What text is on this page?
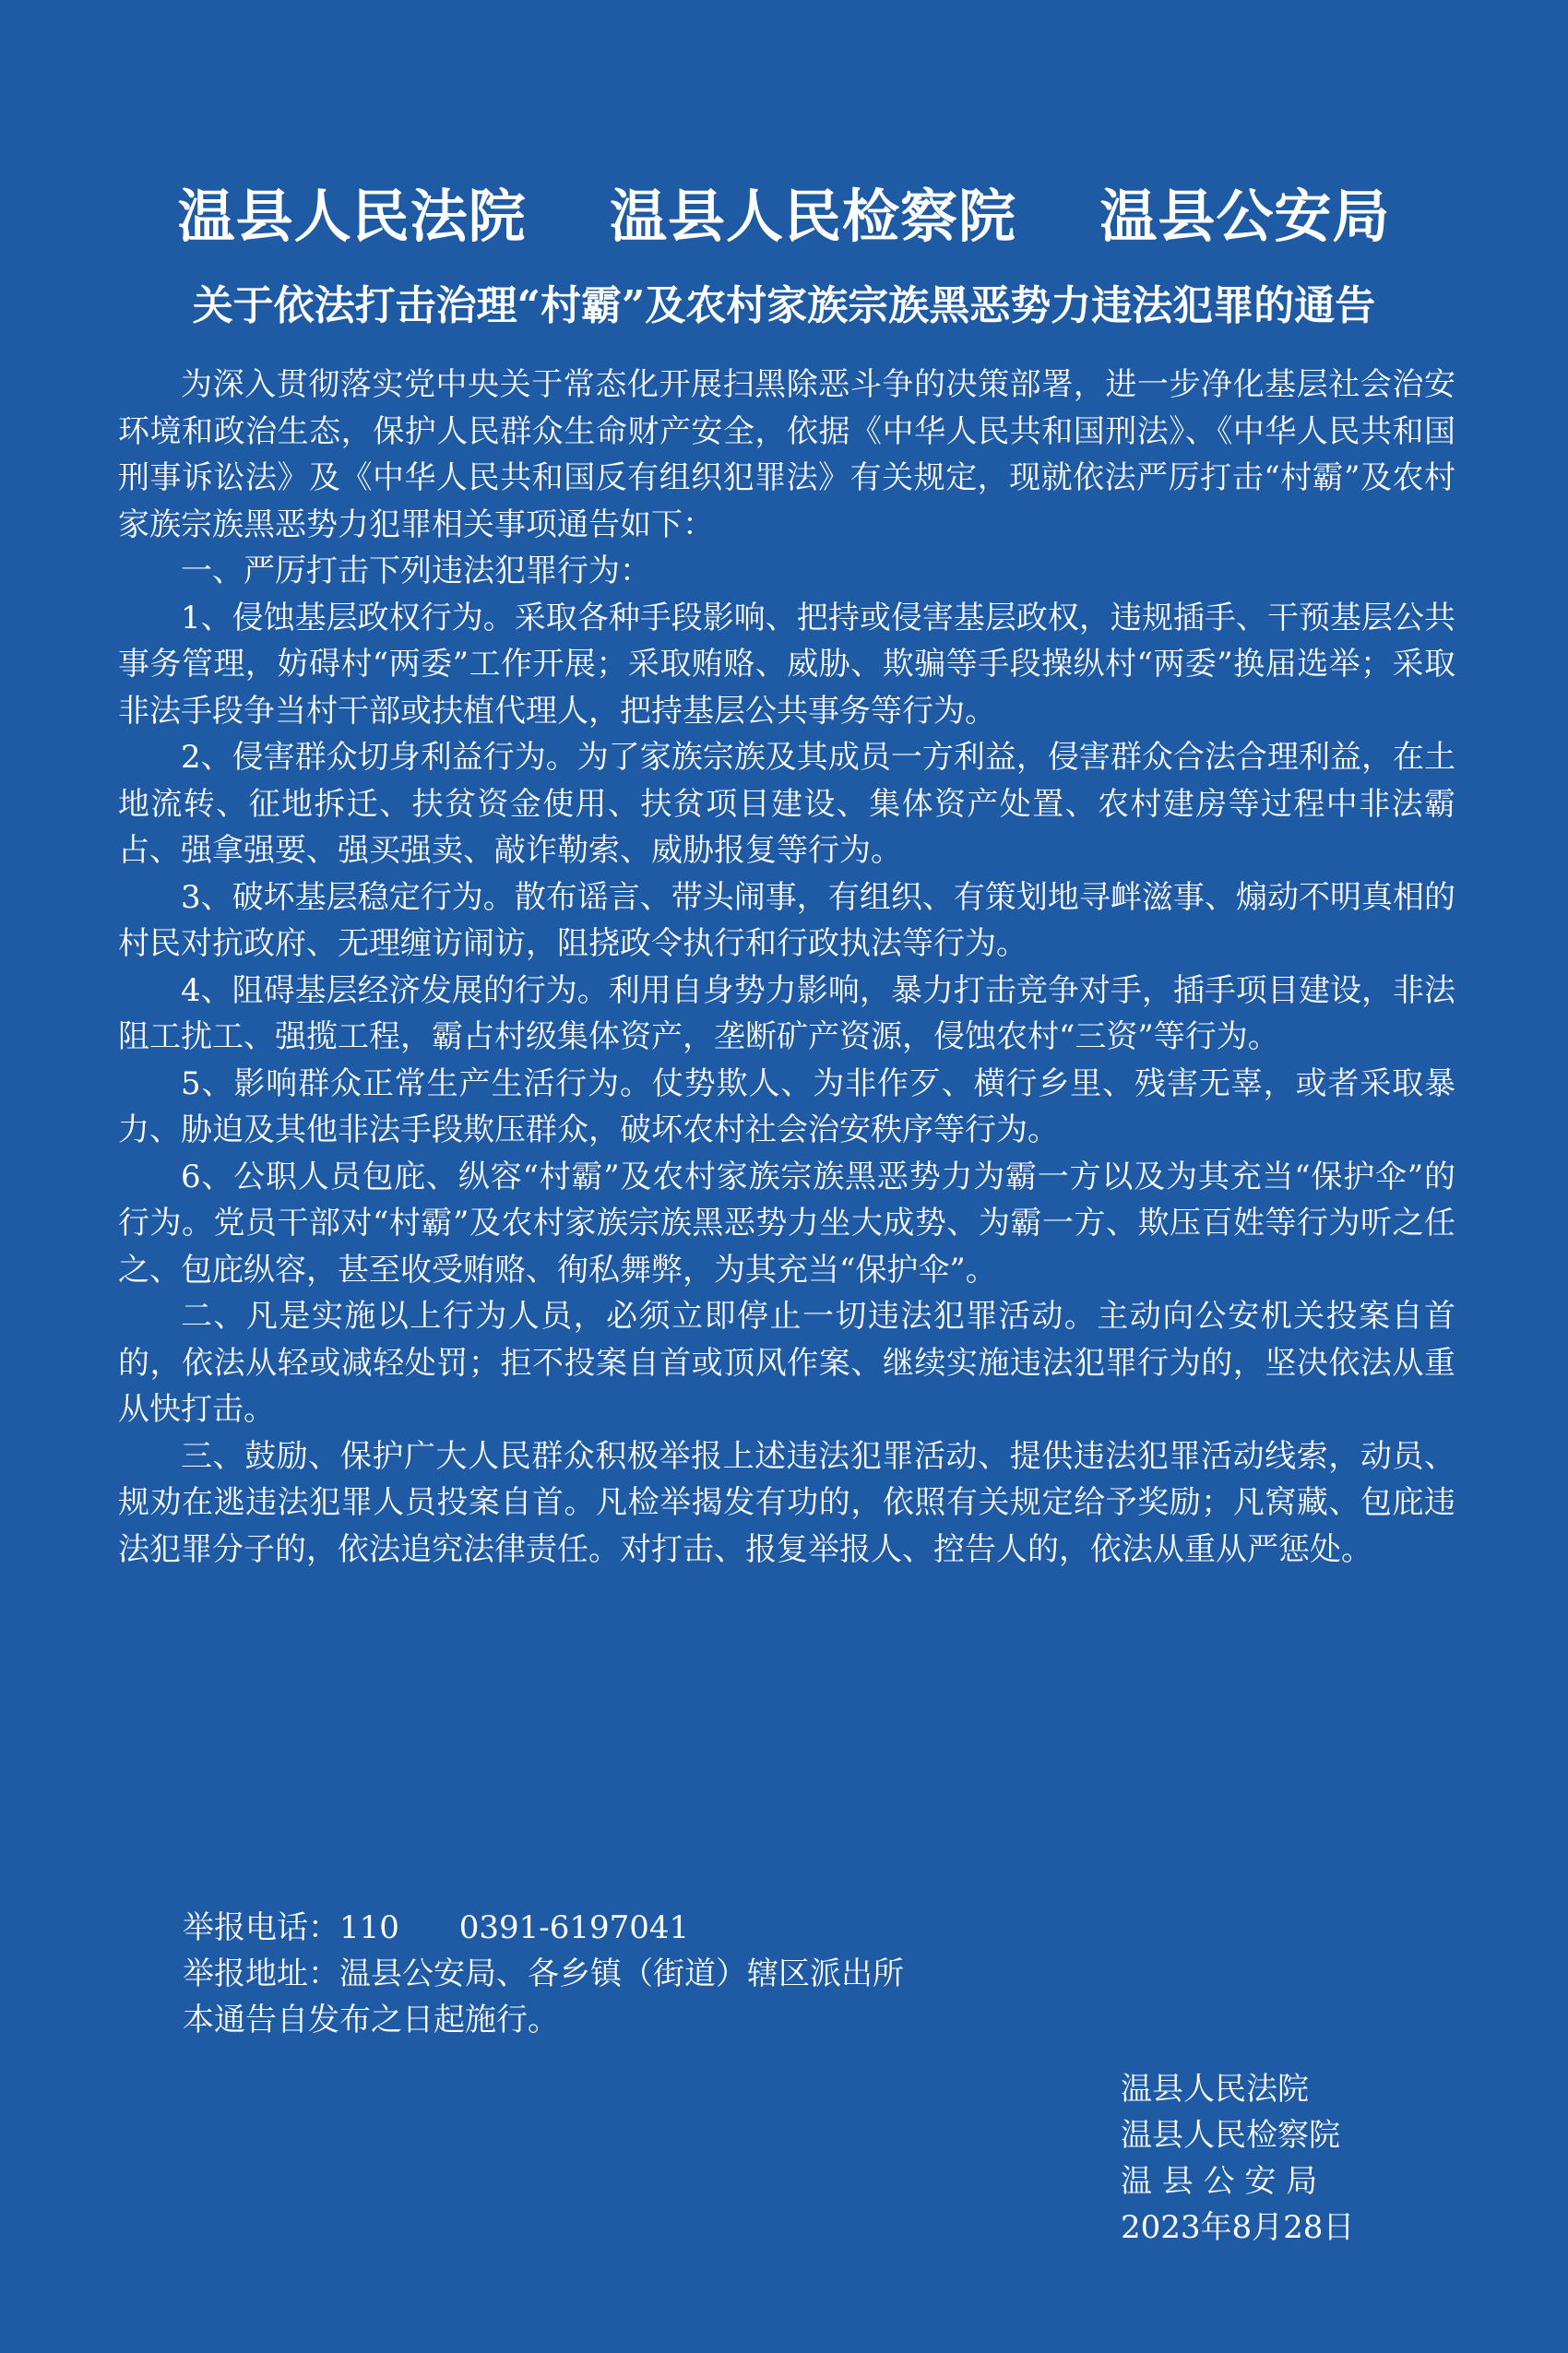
温县人民法院    温县人民检察院    温县公安局
关于依法打击治理“村霸”及农村家族宗族黑恶势力违法犯罪的通告

为深入贯彻落实党中央关于常态化开展扫黑除恶斗争的决策部署，进一步净化基层社会治安环境和政治生态，保护人民群众生命财产安全，依据《中华人民共和国刑法》、《中华人民共和国刑事诉讼法》及《中华人民共和国反有组织犯罪法》有关规定，现就依法严厉打击“村霸”及农村家族宗族黑恶势力犯罪相关事项通告如下：

一、严厉打击下列违法犯罪行为：

1、侵蚀基层政权行为。采取各种手段影响、把持或侵害基层政权，违规插手、干预基层公共事务管理，妨碍村“两委”工作开展；采取贿赂、威胁、欺骗等手段操纵村“两委”换届选举；采取非法手段争当村干部或扶植代理人，把持基层公共事务等行为。

2、侵害群众切身利益行为。为了家族宗族及其成员一方利益，侵害群众合法合理利益，在土地流转、征地拆迁、扶贫资金使用、扶贫项目建设、集体资产处置、农村建房等过程中非法霸占、强拿强要、强买强卖、敲诈勒索、威胁报复等行为。

3、破坏基层稳定行为。散布谣言、带头闹事，有组织、有策划地寻衅滋事、煽动不明真相的村民对抗政府、无理缠访闹访，阻挠政令执行和行政执法等行为。

4、阻碍基层经济发展的行为。利用自身势力影响，暴力打击竞争对手，插手项目建设，非法阻工扰工、强揽工程，霸占村级集体资产，垄断矿产资源，侵蚀农村“三资”等行为。

5、影响群众正常生产生活行为。仗势欺人、为非作歹、横行乡里、残害无辜，或者采取暴力、胁迫及其他非法手段欺压群众，破坏农村社会治安秩序等行为。

6、公职人员包庇、纵容“村霸”及农村家族宗族黑恶势力为霸一方以及为其充当“保护伞”的行为。党员干部对“村霸”及农村家族宗族黑恶势力坐大成势、为霸一方、欺压百姓等行为听之任之、包庇纵容，甚至收受贿赂、徇私舞弊，为其充当“保护伞”。

二、凡是实施以上行为人员，必须立即停止一切违法犯罪活动。主动向公安机关投案自首的，依法从轻或减轻处罚；拒不投案自首或顶风作案、继续实施违法犯罪行为的，坚决依法从重从快打击。

三、鼓励、保护广大人民群众积极举报上述违法犯罪活动、提供违法犯罪活动线索，动员、规劝在逃违法犯罪人员投案自首。凡检举揭发有功的，依照有关规定给予奖励；凡窝藏、包庇违法犯罪分子的，依法追究法律责任。对打击、报复举报人、控告人的，依法从重从严惩处。

举报电话：110      0391-6197041
举报地址：温县公安局、各乡镇（街道）辖区派出所
本通告自发布之日起施行。
温县人民法院
温县人民检察院
温 县 公 安 局
2023年8月28日
